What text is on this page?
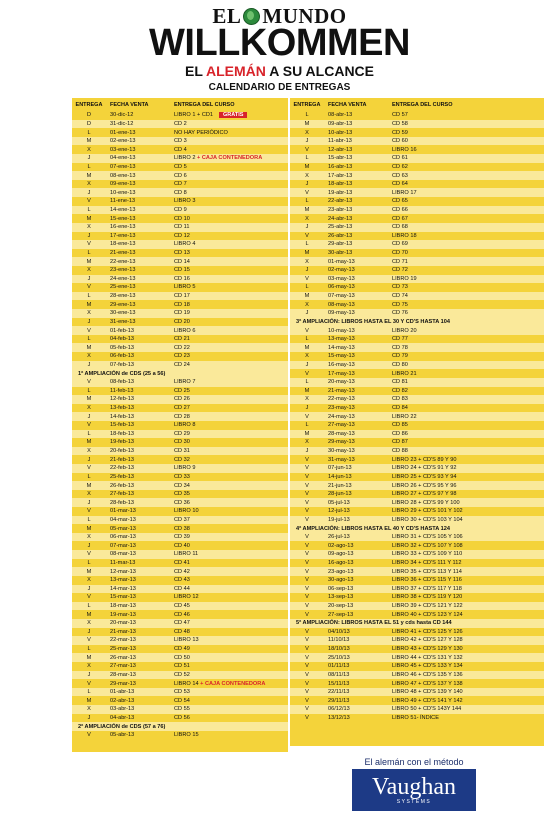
EL MUNDO
WILLKOMMEN
EL ALEMÁN A SU ALCANCE
CALENDARIO DE ENTREGAS
ENTREGA	FECHA VENTA	ENTREGA DEL CURSO
D	30-dic-12	LIBRO 1 + CD1 GRATIS
D	31-dic-12	CD 2
L	01-ene-13	NO HAY PERIÓDICO
M	02-ene-13	CD 3
X	03-ene-13	CD 4
J	04-ene-13	LIBRO 2 + CAJA CONTENEDORA
L	07-ene-13	CD 5
M	08-ene-13	CD 6
X	09-ene-13	CD 7
J	10-ene-13	CD 8
V	11-ene-13	LIBRO 3
L	14-ene-13	CD 9
M	15-ene-13	CD 10
X	16-ene-13	CD 11
J	17-ene-13	CD 12
V	18-ene-13	LIBRO 4
L	21-ene-13	CD 13
M	22-ene-13	CD 14
X	23-ene-13	CD 15
J	24-ene-13	CD 16
V	25-ene-13	LIBRO 5
L	28-ene-13	CD 17
M	29-ene-13	CD 18
X	30-ene-13	CD 19
J	31-ene-13	CD 20
V	01-feb-13	LIBRO 6
L	04-feb-13	CD 21
M	05-feb-13	CD 22
X	06-feb-13	CD 23
J	07-feb-13	CD 24
1ª AMPLIACIÓN de CDS (25 a 56)
V	08-feb-13	LIBRO 7
L	11-feb-13	CD 25
M	12-feb-13	CD 26
X	13-feb-13	CD 27
J	14-feb-13	CD 28
V	15-feb-13	LIBRO 8
L	18-feb-13	CD 29
M	19-feb-13	CD 30
X	20-feb-13	CD 31
J	21-feb-13	CD 32
V	22-feb-13	LIBRO 9
L	25-feb-13	CD 33
M	26-feb-13	CD 34
X	27-feb-13	CD 35
J	28-feb-13	CD 36
V	01-mar-13	LIBRO 10
L	04-mar-13	CD 37
M	05-mar-13	CD 38
X	06-mar-13	CD 39
J	07-mar-13	CD 40
V	08-mar-13	LIBRO 11
L	11-mar-13	CD 41
M	12-mar-13	CD 42
X	13-mar-13	CD 43
J	14-mar-13	CD 44
V	15-mar-13	LIBRO 12
L	18-mar-13	CD 45
M	19-mar-13	CD 46
X	20-mar-13	CD 47
J	21-mar-13	CD 48
V	22-mar-13	LIBRO 13
L	25-mar-13	CD 49
M	26-mar-13	CD 50
X	27-mar-13	CD 51
J	28-mar-13	CD 52
V	29-mar-13	LIBRO 14 + CAJA CONTENEDORA
L	01-abr-13	CD 53
M	02-abr-13	CD 54
X	03-abr-13	CD 55
J	04-abr-13	CD 56
2ª AMPLIACIÓN de CDS (57 a 76)
V	05-abr-13	LIBRO 15
ENTREGA	FECHA VENTA	ENTREGA DEL CURSO
L	08-abr-13	CD 57
M	09-abr-13	CD 58
X	10-abr-13	CD 59
J	11-abr-13	CD 60
V	12-abr-13	LIBRO 16
L	15-abr-13	CD 61
M	16-abr-13	CD 62
X	17-abr-13	CD 63
J	18-abr-13	CD 64
V	19-abr-13	LIBRO 17
L	22-abr-13	CD 65
M	23-abr-13	CD 66
X	24-abr-13	CD 67
J	25-abr-13	CD 68
V	26-abr-13	LIBRO 18
L	29-abr-13	CD 69
M	30-abr-13	CD 70
X	01-may-13	CD 71
J	02-may-13	CD 72
V	03-may-13	LIBRO 19
L	06-may-13	CD 73
M	07-may-13	CD 74
X	08-may-13	CD 75
J	09-may-13	CD 76
3ª AMPLIACIÓN: LIBROS HASTA EL 30 Y CD'S HASTA 104
V	10-may-13	LIBRO 20
L	13-may-13	CD 77
M	14-may-13	CD 78
X	15-may-13	CD 79
J	16-may-13	CD 80
V	17-may-13	LIBRO 21
L	20-may-13	CD 81
M	21-may-13	CD 82
X	22-may-13	CD 83
J	23-may-13	CD 84
V	24-may-13	LIBRO 22
L	27-may-13	CD 85
M	28-may-13	CD 86
X	29-may-13	CD 87
J	30-may-13	CD 88
V	31-may-13	LIBRO 23 + CD'S 89 Y 90
V	07-jun-13	LIBRO 24 + CD'S 91 Y 92
V	14-jun-13	LIBRO 25 + CD'S 93 Y 94
V	21-jun-13	LIBRO 26 + CD'S 95 Y 96
V	28-jun-13	LIBRO 27 + CD'S 97 Y 98
V	05-jul-13	LIBRO 28 + CD'S 99 Y 100
V	12-jul-13	LIBRO 29 + CD'S 101 Y 102
V	19-jul-13	LIBRO 30 + CD'S 103 Y 104
4ª AMPLIACIÓN: LIBROS HASTA EL 40 Y CD'S HASTA 124
V	26-jul-13	LIBRO 31 + CD'S 105 Y 106
V	02-ago-13	LIBRO 32 + CD'S 107 Y 108
V	09-ago-13	LIBRO 33 + CD'S 109 Y 110
V	16-ago-13	LIBRO 34 + CD'S 111 Y 112
V	23-ago-13	LIBRO 35 + CD'S 113 Y 114
V	30-ago-13	LIBRO 36 + CD'S 115 Y 116
V	06-sep-13	LIBRO 37 + CD'S 117 Y 118
V	13-sep-13	LIBRO 38 + CD'S 119 Y 120
V	20-sep-13	LIBRO 39 + CD'S 121 Y 122
V	27-sep-13	LIBRO 40 + CD'S 123 Y 124
5ª AMPLIACIÓN: LIBROS HASTA EL 51 y cds hasta CD 144
V	04/10/13	LIBRO 41 + CD'S 125 Y 126
V	11/10/13	LIBRO 42 + CD'S 127 Y 128
V	18/10/13	LIBRO 43 + CD'S 129 Y 130
V	25/10/13	LIBRO 44 + CD'S 131 Y 132
V	01/11/13	LIBRO 45 + CD'S 133 Y 134
V	08/11/13	LIBRO 46 + CD'S 135 Y 136
V	15/11/13	LIBRO 47 + CD'S 137 Y 138
V	22/11/13	LIBRO 48 + CD'S 139 Y 140
V	29/11/13	LIBRO 49 + CD'S 141 Y 142
V	06/12/13	LIBRO 50 + CD'S 143Y 144
V	13/12/13	LIBRO 51- ÍNDICE
El alemán con el método
Vaughan
SYSTEMS
